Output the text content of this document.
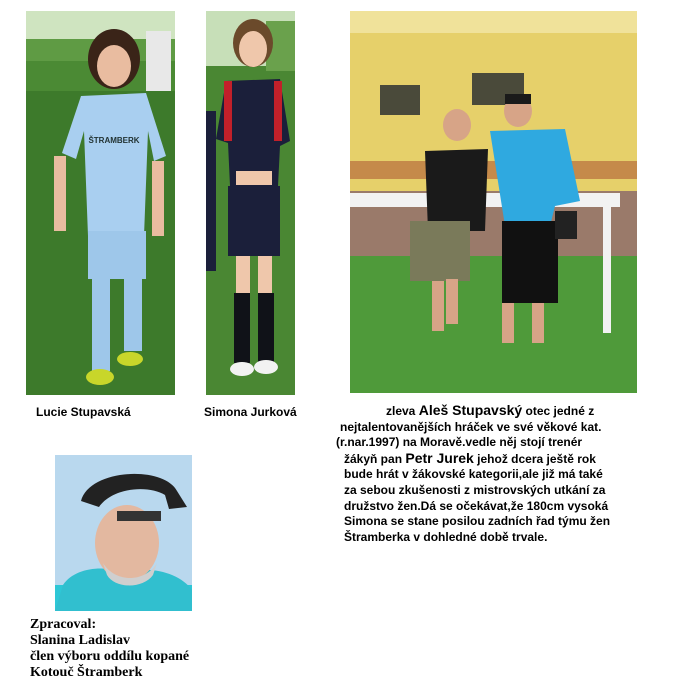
ŠTRAMBERK
Lucie Stupavská	Simona Jurková	zleva Aleš Stupavský otec jedné z
nejtalentovanějších hráček ve své věkové kat.
(r.nar.1997) na Moravě.vedle něj stojí trenér
žákyň pan Petr Jurek jehož dcera ještě rok
bude hrát v žákovské kategorii,ale již má také
za sebou zkušenosti z mistrovských utkání za
družstvo žen.Dá se očekávat,že 180cm vysoká
Simona se stane posilou zadních řad týmu žen
Štramberka v dohledné době trvale.
Zpracoval:
Slanina Ladislav
člen výboru oddílu kopané
Kotouč Štramberk
